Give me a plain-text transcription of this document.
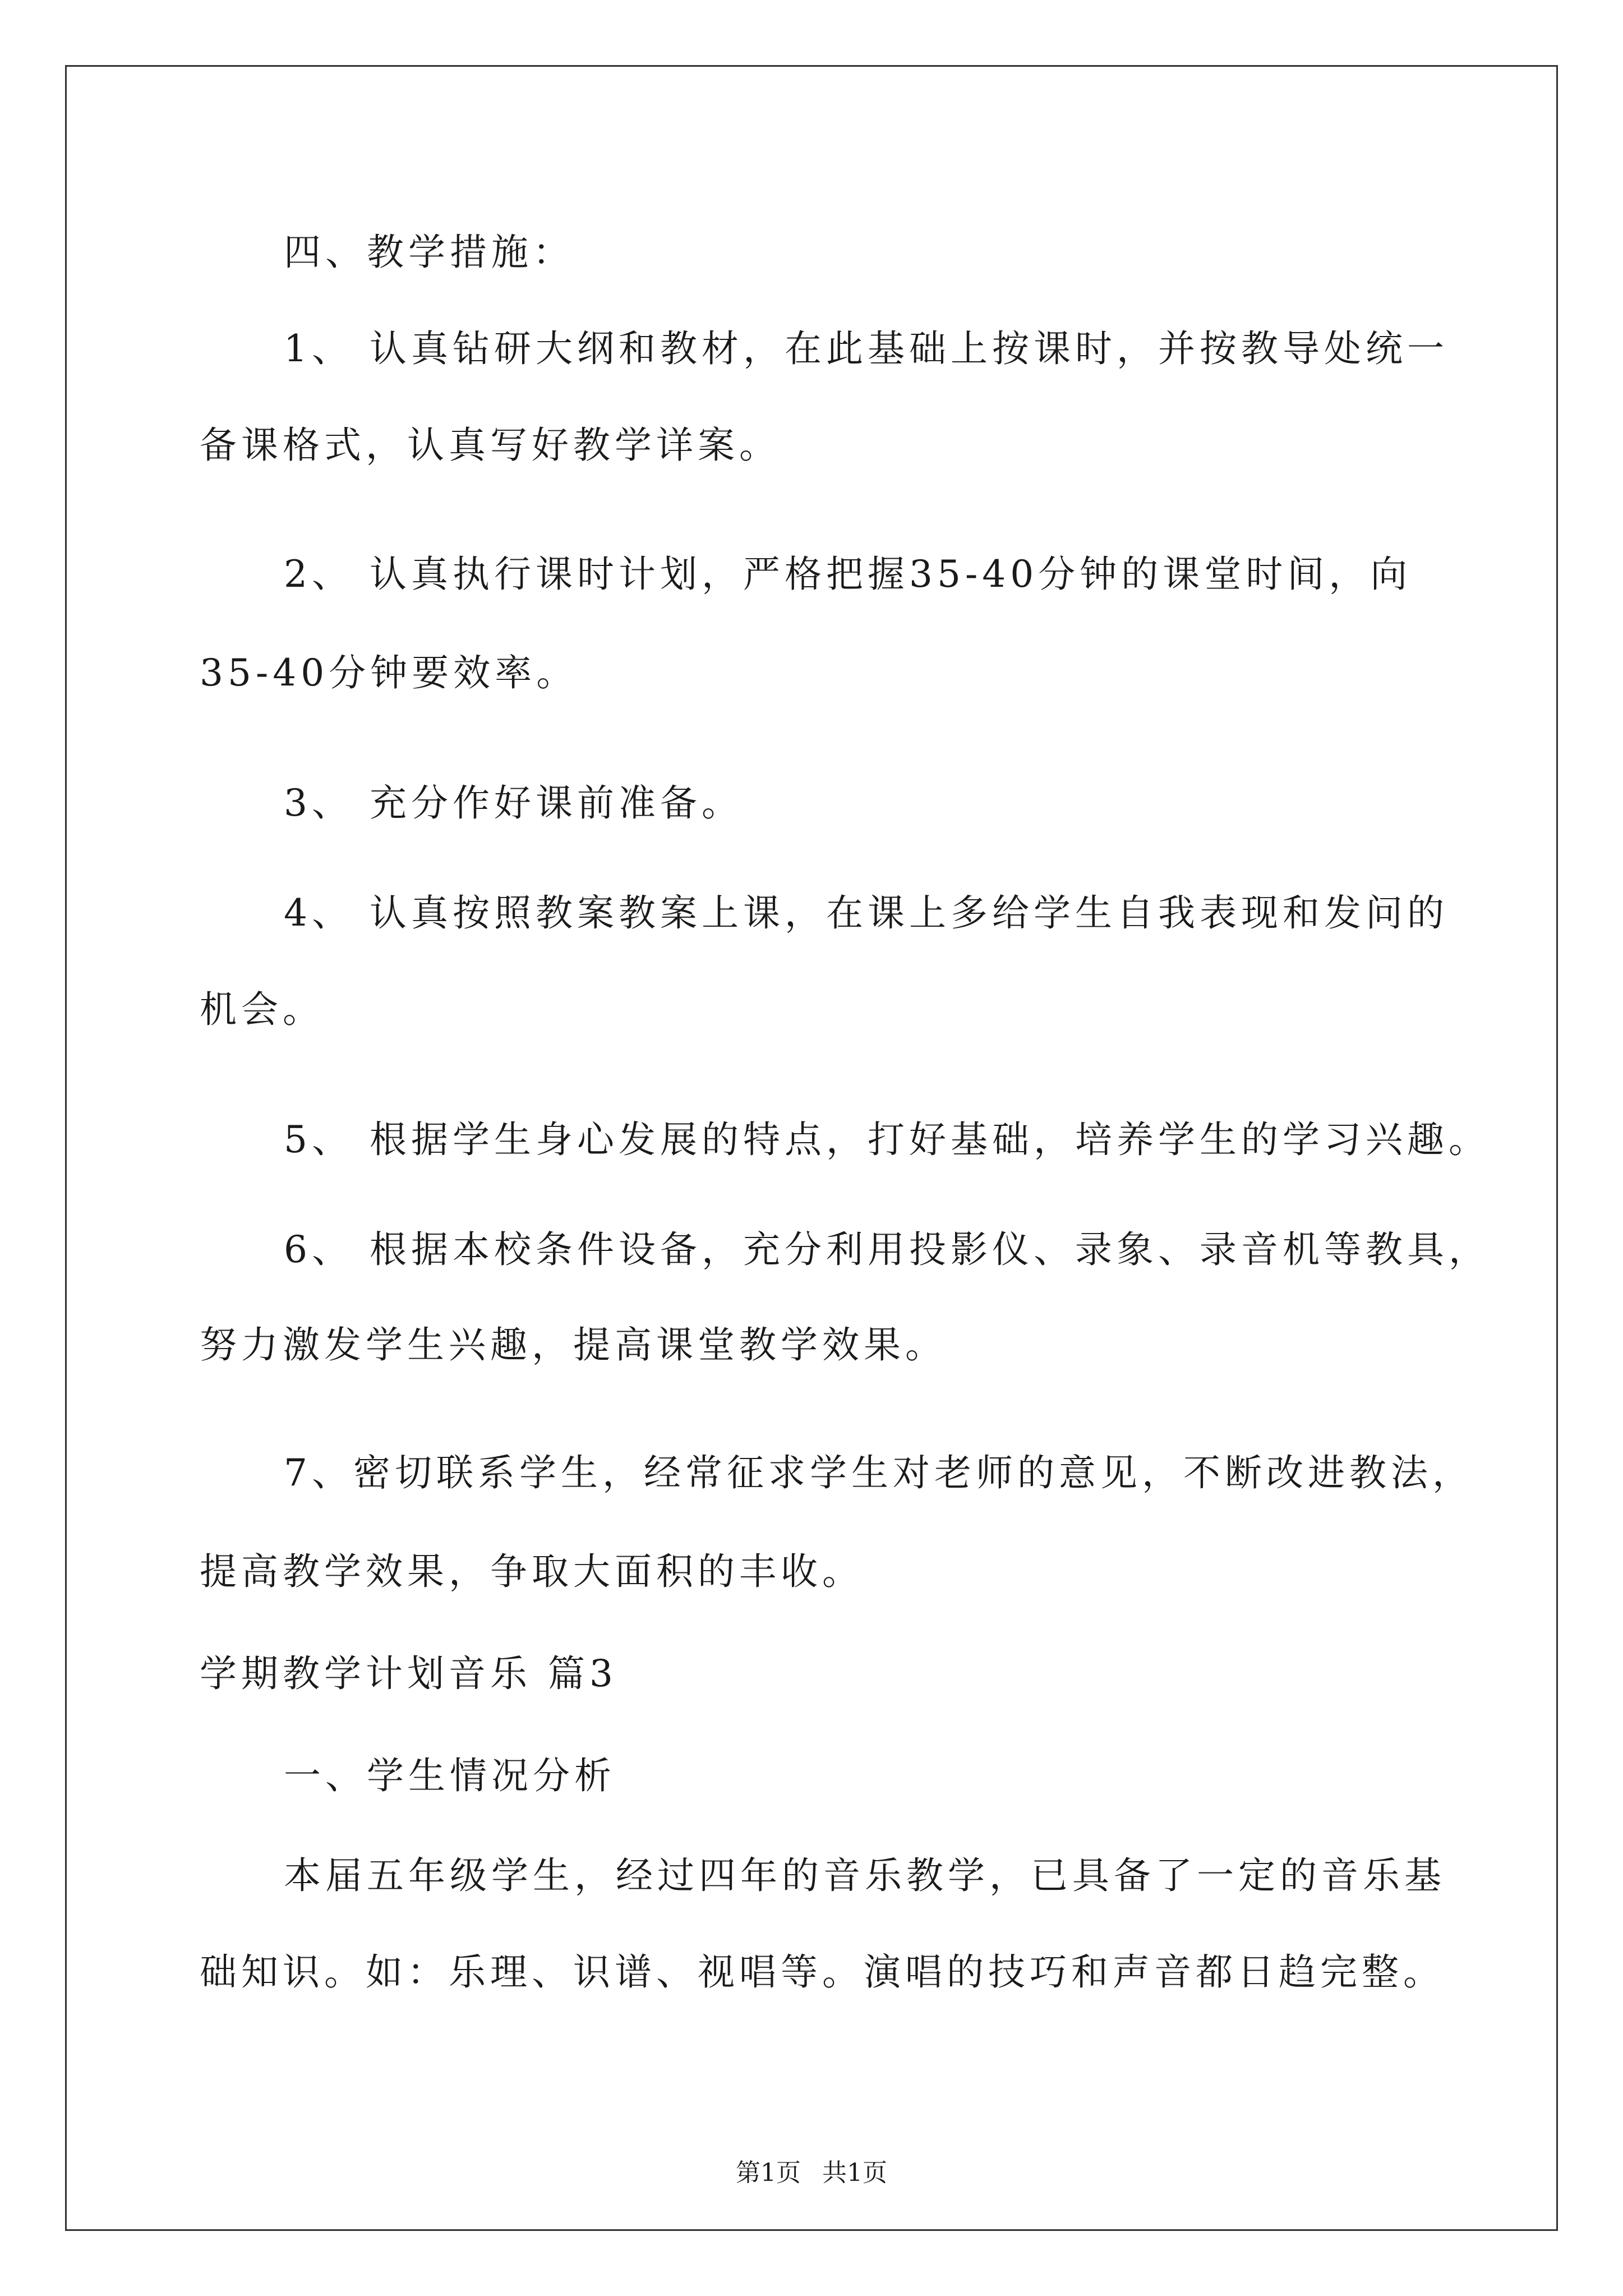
四、教学措施：

1、 认真钻研大纲和教材，在此基础上按课时，并按教导处统一

备课格式，认真写好教学详案。

2、 认真执行课时计划，严格把握35-40分钟的课堂时间，向

35-40分钟要效率。

3、 充分作好课前准备。

4、 认真按照教案教案上课，在课上多给学生自我表现和发问的

机会。

5、 根据学生身心发展的特点，打好基础，培养学生的学习兴趣。

6、 根据本校条件设备，充分利用投影仪、录象、录音机等教具，

努力激发学生兴趣，提高课堂教学效果。

7、密切联系学生，经常征求学生对老师的意见，不断改进教法，

提高教学效果，争取大面积的丰收。

学期教学计划音乐 篇3

一、学生情况分析

本届五年级学生，经过四年的音乐教学，已具备了一定的音乐基

础知识。如：乐理、识谱、视唱等。演唱的技巧和声音都日趋完整。

第1页 共1页
